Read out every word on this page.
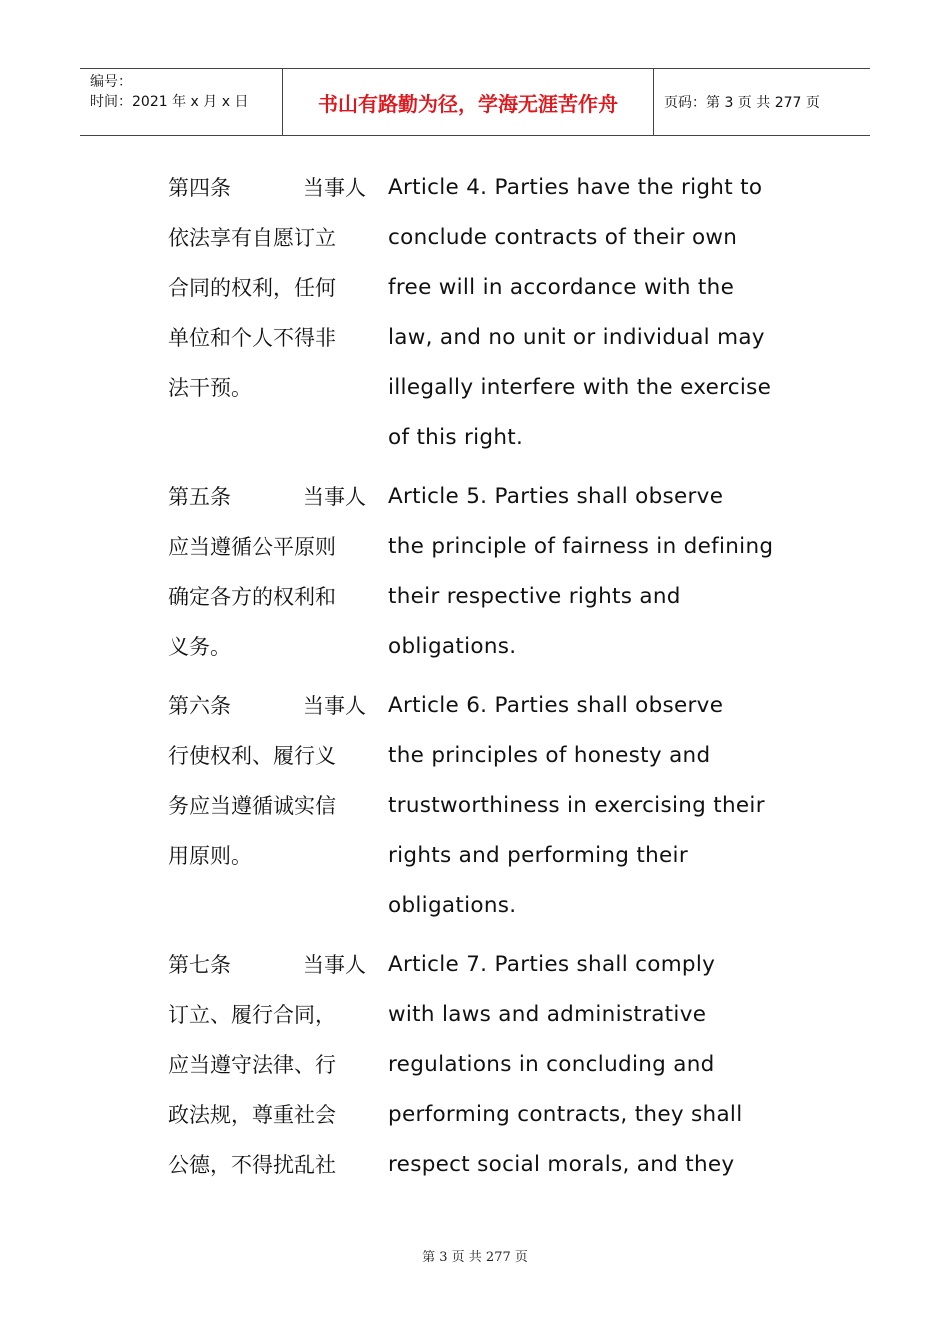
编号：
时间：2021 年 x 月 x 日	书山有路勤为径，学海无涯苦作舟	页码：第 3 页 共 277 页
第四条	当事人
依法享有自愿订立
合同的权利，任何
单位和个人不得非
法干预。
Article 4. Parties have the right to
conclude contracts of their own
free will in accordance with the
law, and no unit or individual may
illegally interfere with the exercise
of this right.
第五条	当事人
应当遵循公平原则
确定各方的权利和
义务。
Article 5. Parties shall observe
the principle of fairness in defining
their respective rights and
obligations.
第六条	当事人
行使权利、履行义
务应当遵循诚实信
用原则。
Article 6. Parties shall observe
the principles of honesty and
trustworthiness in exercising their
rights and performing their
obligations.
第七条	当事人
订立、履行合同，
应当遵守法律、行
政法规，尊重社会
公德，不得扰乱社
Article 7. Parties shall comply
with laws and administrative
regulations in concluding and
performing contracts, they shall
respect social morals, and they
第 3 页 共 277 页
